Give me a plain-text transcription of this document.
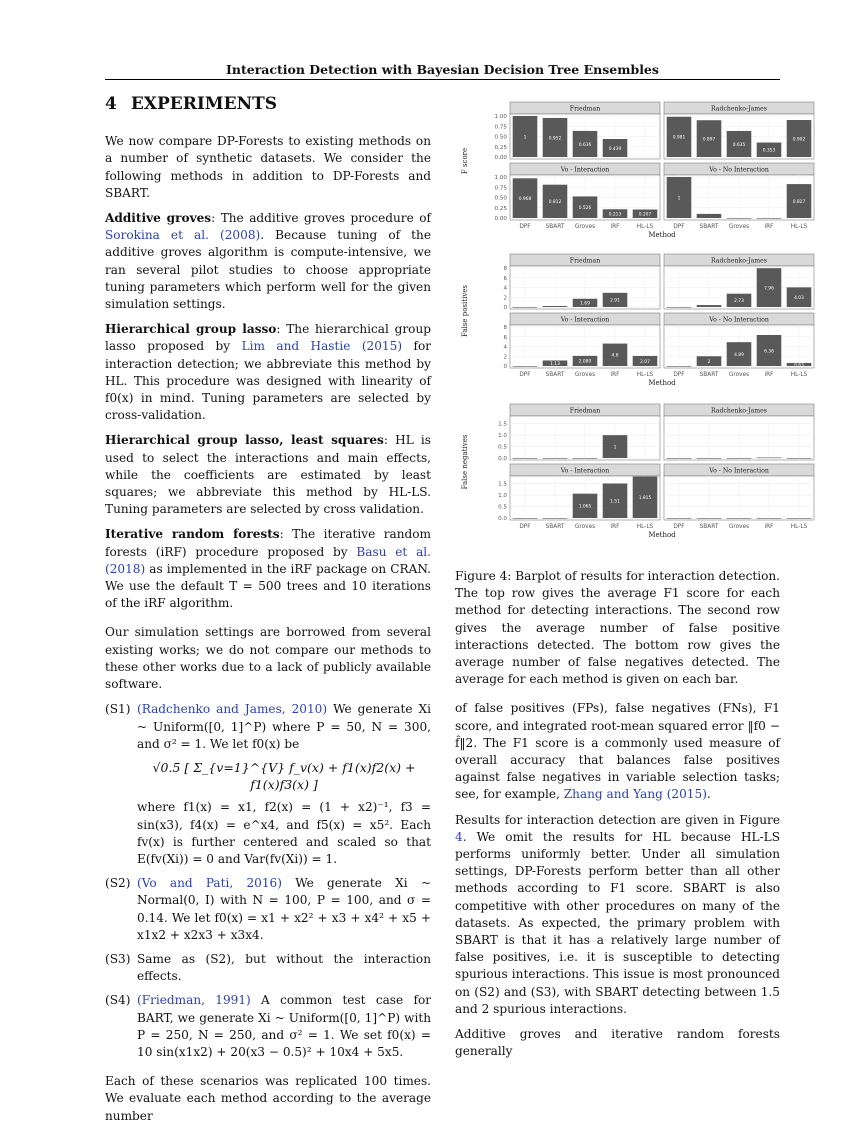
Interaction Detection with Bayesian Decision Tree Ensembles
4 EXPERIMENTS

We now compare DP-Forests to existing methods on a number of synthetic datasets. We consider the following methods in addition to DP-Forests and SBART.

Additive groves: The additive groves procedure of Sorokina et al. (2008). Because tuning of the additive groves algorithm is compute-intensive, we ran several pilot studies to choose appropriate tuning parameters which perform well for the given simulation settings.

Hierarchical group lasso: The hierarchical group lasso proposed by Lim and Hastie (2015) for interaction detection; we abbreviate this method by HL. This procedure was designed with linearity of f0(x) in mind. Tuning parameters are selected by cross-validation.

Hierarchical group lasso, least squares: HL is used to select the interactions and main effects, while the coefficients are estimated by least squares; we abbreviate this method by HL-LS. Tuning parameters are selected by cross validation.

Iterative random forests: The iterative random forests (iRF) procedure proposed by Basu et al. (2018) as implemented in the iRF package on CRAN. We use the default T = 500 trees and 10 iterations of the iRF algorithm.

Our simulation settings are borrowed from several existing works; we do not compare our methods to these other works due to a lack of publicly available software.

(S1) (Radchenko and James, 2010) We generate Xi ~ Uniform([0, 1]^P) where P = 50, N = 300, and σ² = 1. We let f0(x) be
√0.5 [ Σ_{v=1}^{V} f_v(x) + f1(x)f2(x) + f1(x)f3(x) ]
where f1(x) = x1, f2(x) = (1 + x2)⁻¹, f3 = sin(x3), f4(x) = e^x4, and f5(x) = x5². Each fv(x) is further centered and scaled so that E(fv(Xi)) = 0 and Var(fv(Xi)) = 1.
(S2) (Vo and Pati, 2016) We generate Xi ~ Normal(0, I) with N = 100, P = 100, and σ = 0.14. We let f0(x) = x1 + x2² + x3 + x4² + x5 + x1x2 + x2x3 + x3x4.
(S3) Same as (S2), but without the interaction effects.
(S4) (Friedman, 1991) A common test case for BART, we generate Xi ~ Uniform([0, 1]^P) with P = 250, N = 250, and σ² = 1. We set f0(x) = 10 sin(x1x2) + 20(x3 − 0.5)² + 10x4 + 5x5.

Each of these scenarios was replicated 100 times. We evaluate each method according to the average number

Friedman
0.00
0.25
0.50
0.75
1.00
1	0.952
0.636
0.439
Radchenko-James
0.981	0.897
0.635
0.353
0.902
Vo - Interaction
0.00
0.25
0.50
0.75
1.00
0.968
0.812
0.526
0.213	0.207
DPF	SBART Groves	iRF	HL-LS
Vo - No Interaction
1
0.827
DPF	SBART Groves	iRF	HL-LS
F score
Method
Friedman
0
2
4
6
8
1.69
2.91
Radchenko-James
2.73
7.96
4.03
Vo - Interaction
0
2
4
6
8
1.13	2.080
4.6
2.07
DPF	SBART Groves	iRF	HL-LS
Vo - No Interaction
2
4.89
6.36
0.63
DPF	SBART Groves	iRF	HL-LS
False positives
Method
Friedman
0.0
0.5
1.0
1.5
1
Radchenko-James
Vo - Interaction
0.0
0.5
1.0
1.5
1.065
1.51
1.815
DPF	SBART Groves	iRF	HL-LS
Vo - No Interaction
DPF	SBART Groves	iRF	HL-LS
False negatives
Method

Figure 4: Barplot of results for interaction detection. The top row gives the average F1 score for each method for detecting interactions. The second row gives the average number of false positive interactions detected. The bottom row gives the average number of false negatives detected. The average for each method is given on each bar.

of false positives (FPs), false negatives (FNs), F1 score, and integrated root-mean squared error ‖f0 − f̂‖2. The F1 score is a commonly used measure of overall accuracy that balances false positives against false negatives in variable selection tasks; see, for example, Zhang and Yang (2015).

Results for interaction detection are given in Figure 4. We omit the results for HL because HL-LS performs uniformly better. Under all simulation settings, DP-Forests perform better than all other methods according to F1 score. SBART is also competitive with other procedures on many of the datasets. As expected, the primary problem with SBART is that it has a relatively large number of false positives, i.e. it is susceptible to detecting spurious interactions. This issue is most pronounced on (S2) and (S3), with SBART detecting between 1.5 and 2 spurious interactions.

Additive groves and iterative random forests generally
